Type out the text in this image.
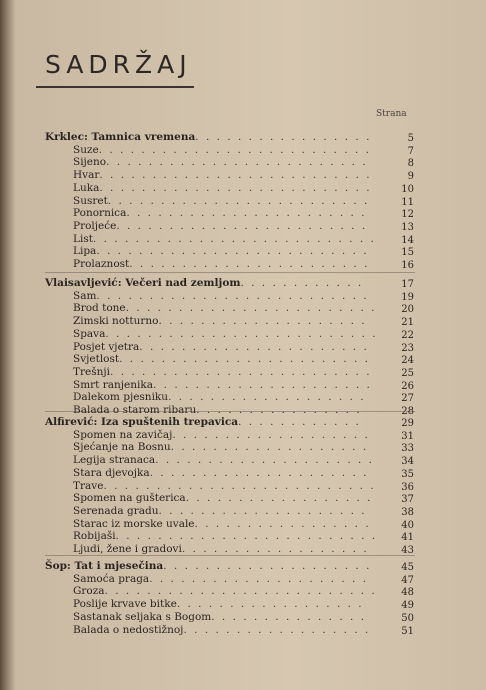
SADRŽAJ
Strana
Krklec: Tamnica vremena. . . . . . . . . . . . . . . . .	5
Suze. . . . . . . . . . . . . . . . . . . . . . . . . .	7
Sijeno. . . . . . . . . . . . . . . . . . . . . . . . .	8
Hvar. . . . . . . . . . . . . . . . . . . . . . . . . .	9
Luka. . . . . . . . . . . . . . . . . . . . . . . . . .	10
Susret. . . . . . . . . . . . . . . . . . . . . . . . .	11
Ponornica. . . . . . . . . . . . . . . . . . . . . . .	12
Proljeće. . . . . . . . . . . . . . . . . . . . . . . .	13
List. . . . . . . . . . . . . . . . . . . . . . . . . . .	14
Lipa. . . . . . . . . . . . . . . . . . . . . . . . . .	15
Prolaznost. . . . . . . . . . . . . . . . . . . . . . .	16
Vlaisavljević: Večeri nad zemljom. . . . . . . . . . . .	17
Sam. . . . . . . . . . . . . . . . . . . . . . . . . .	19
Brod tone. . . . . . . . . . . . . . . . . . . . . . . .	20
Zimski notturno. . . . . . . . . . . . . . . . . . . .	21
Spava. . . . . . . . . . . . . . . . . . . . . . . . . .	22
Posjet vjetra. . . . . . . . . . . . . . . . . . . . . .	23
Svjetlost. . . . . . . . . . . . . . . . . . . . . . . .	24
Trešnji. . . . . . . . . . . . . . . . . . . . . . . . .	25
Smrt ranjenika. . . . . . . . . . . . . . . . . . . . .	26
Dalekom pjesniku. . . . . . . . . . . . . . . . . . .	27
Balada o starom ribaru. . . . . . . . . . . . . . . .	28
Alfirević: Iza spuštenih trepavica. . . . . . . . . . . .	29
Spomen na zavičaj. . . . . . . . . . . . . . . . . . .	31
Sjećanje na Bosnu. . . . . . . . . . . . . . . . . . .	33
Legija stranaca. . . . . . . . . . . . . . . . . . . . .	34
Stara djevojka. . . . . . . . . . . . . . . . . . . . .	35
Trave. . . . . . . . . . . . . . . . . . . . . . . . . .	36
Spomen na gušterica. . . . . . . . . . . . . . . . . .	37
Serenada gradu. . . . . . . . . . . . . . . . . . . .	38
Starac iz morske uvale. . . . . . . . . . . . . . . . .	40
Robijaši. . . . . . . . . . . . . . . . . . . . . . . . .	41
Ljudi, žene i gradovi. . . . . . . . . . . . . . . . . .	43
Šop: Tat i mjesečina. . . . . . . . . . . . . . . . . . . .	45
Samoća praga. . . . . . . . . . . . . . . . . . . . .	47
Groza. . . . . . . . . . . . . . . . . . . . . . . . . .	48
Poslije krvave bitke. . . . . . . . . . . . . . . . . .	49
Sastanak seljaka s Bogom. . . . . . . . . . . . . . .	50
Balada o nedostižnoj. . . . . . . . . . . . . . . . . .	51
